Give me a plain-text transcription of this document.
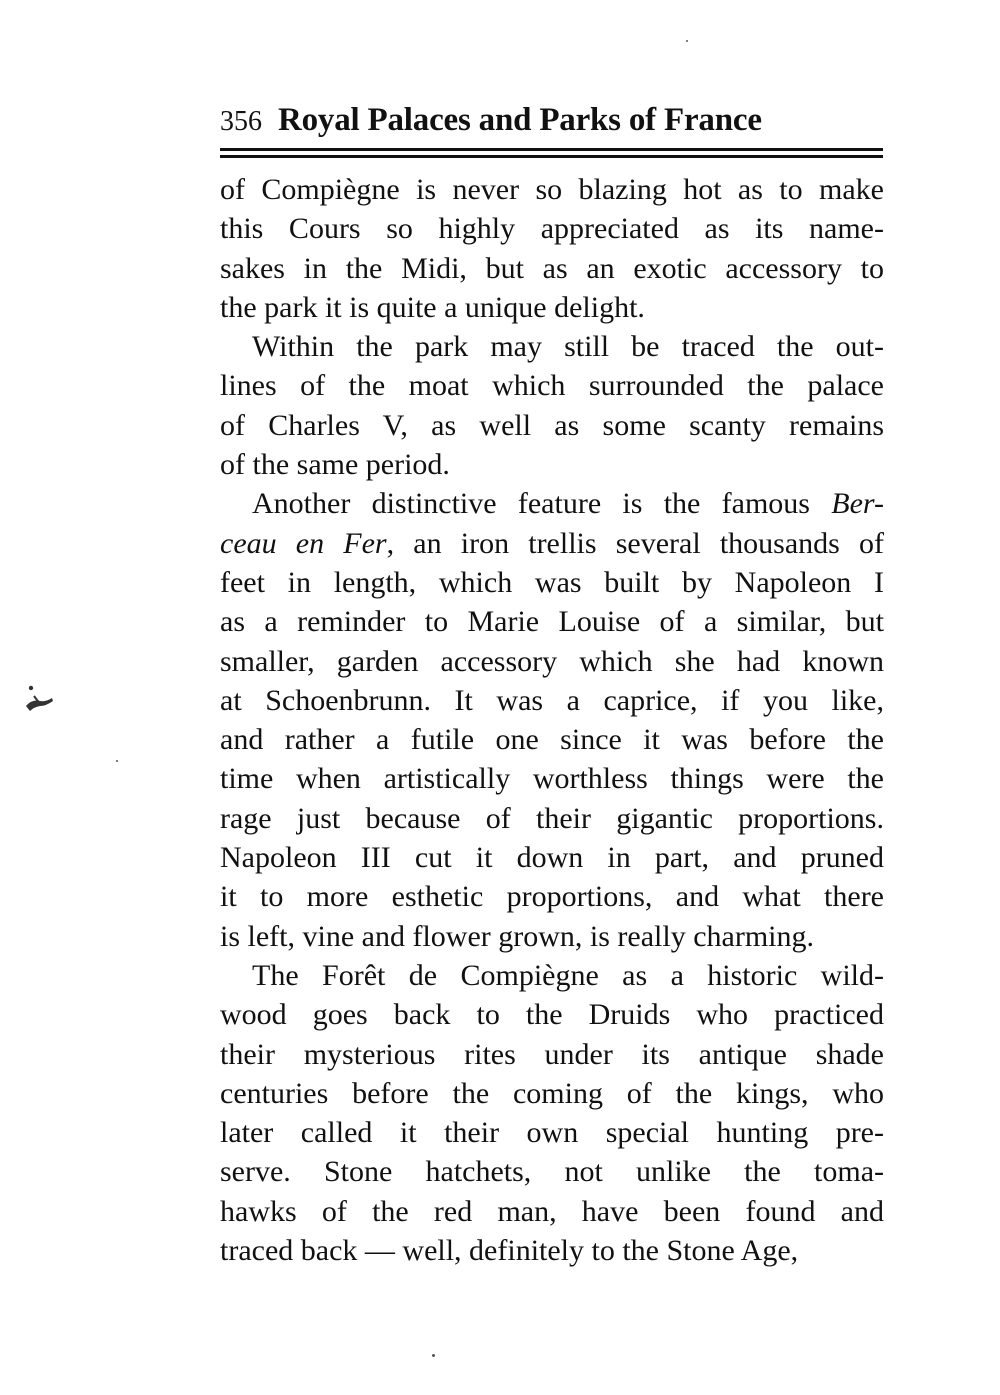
356 Royal Palaces and Parks of France
of Compiègne is never so blazing hot as to make
this Cours so highly appreciated as its name-
sakes in the Midi, but as an exotic accessory to
the park it is quite a unique delight.
Within the park may still be traced the out-
lines of the moat which surrounded the palace
of Charles V, as well as some scanty remains
of the same period.
Another distinctive feature is the famous Ber-
ceau en Fer, an iron trellis several thousands of
feet in length, which was built by Napoleon I
as a reminder to Marie Louise of a similar, but
smaller, garden accessory which she had known
at Schoenbrunn. It was a caprice, if you like,
and rather a futile one since it was before the
time when artistically worthless things were the
rage just because of their gigantic proportions.
Napoleon III cut it down in part, and pruned
it to more esthetic proportions, and what there
is left, vine and flower grown, is really charming.
The Forêt de Compiègne as a historic wild-
wood goes back to the Druids who practiced
their mysterious rites under its antique shade
centuries before the coming of the kings, who
later called it their own special hunting pre-
serve. Stone hatchets, not unlike the toma-
hawks of the red man, have been found and
traced back — well, definitely to the Stone Age,
